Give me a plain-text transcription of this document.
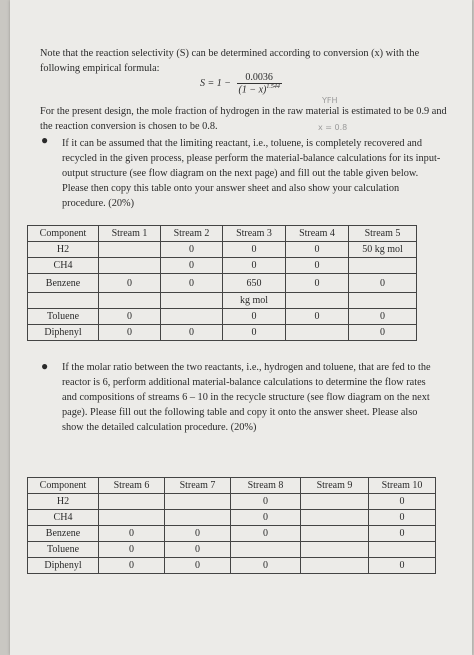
Note that the reaction selectivity (S) can be determined according to conversion (x) with the following empirical formula:
$S = 1 - \frac{0.0036}{(1 - x)^{1.544}}$
YFH
For the present design, the mole fraction of hydrogen in the raw material is estimated to be 0.9 and the reaction conversion is chosen to be 0.8.	x = 0.8
● If it can be assumed that the limiting reactant, i.e., toluene, is completely recovered and recycled in the given process, please perform the material-balance calculations for its input-output structure (see flow diagram on the next page) and fill out the table given below. Please then copy this table onto your answer sheet and also show your calculation procedure. (20%)
Component	Stream 1	Stream 2	Stream 3	Stream 4	Stream 5
H2		0	0	0	50 kg mol
CH4		0	0	0	
Benzene	0	0	650	0	0
			kg mol		
Toluene	0		0	0	0
Diphenyl	0	0	0		0
● If the molar ratio between the two reactants, i.e., hydrogen and toluene, that are fed to the reactor is 6, perform additional material-balance calculations to determine the flow rates and compositions of streams 6 – 10 in the recycle structure (see flow diagram on the next page). Please fill out the following table and copy it onto the answer sheet. Please also show the detailed calculation procedure. (20%)
Component	Stream 6	Stream 7	Stream 8	Stream 9	Stream 10
H2			0		0
CH4			0		0
Benzene	0	0	0		0
Toluene	0	0			
Diphenyl	0	0	0		0
